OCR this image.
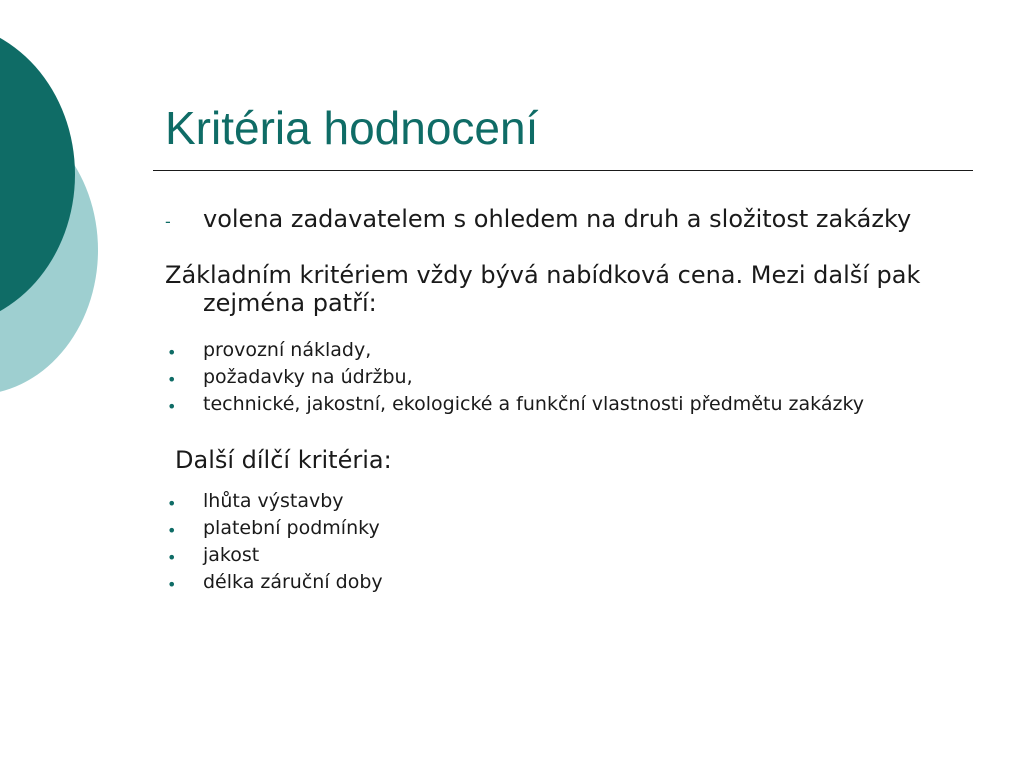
Kritéria hodnocení
- volena zadavatelem s ohledem na druh a složitost zakázky
Základním kritériem vždy bývá nabídková cena. Mezi další pak zejména patří:
• provozní náklady,
• požadavky na údržbu,
• technické, jakostní, ekologické a funkční vlastnosti předmětu zakázky
Další dílčí kritéria:
• lhůta výstavby
• platební podmínky
• jakost
• délka záruční doby
